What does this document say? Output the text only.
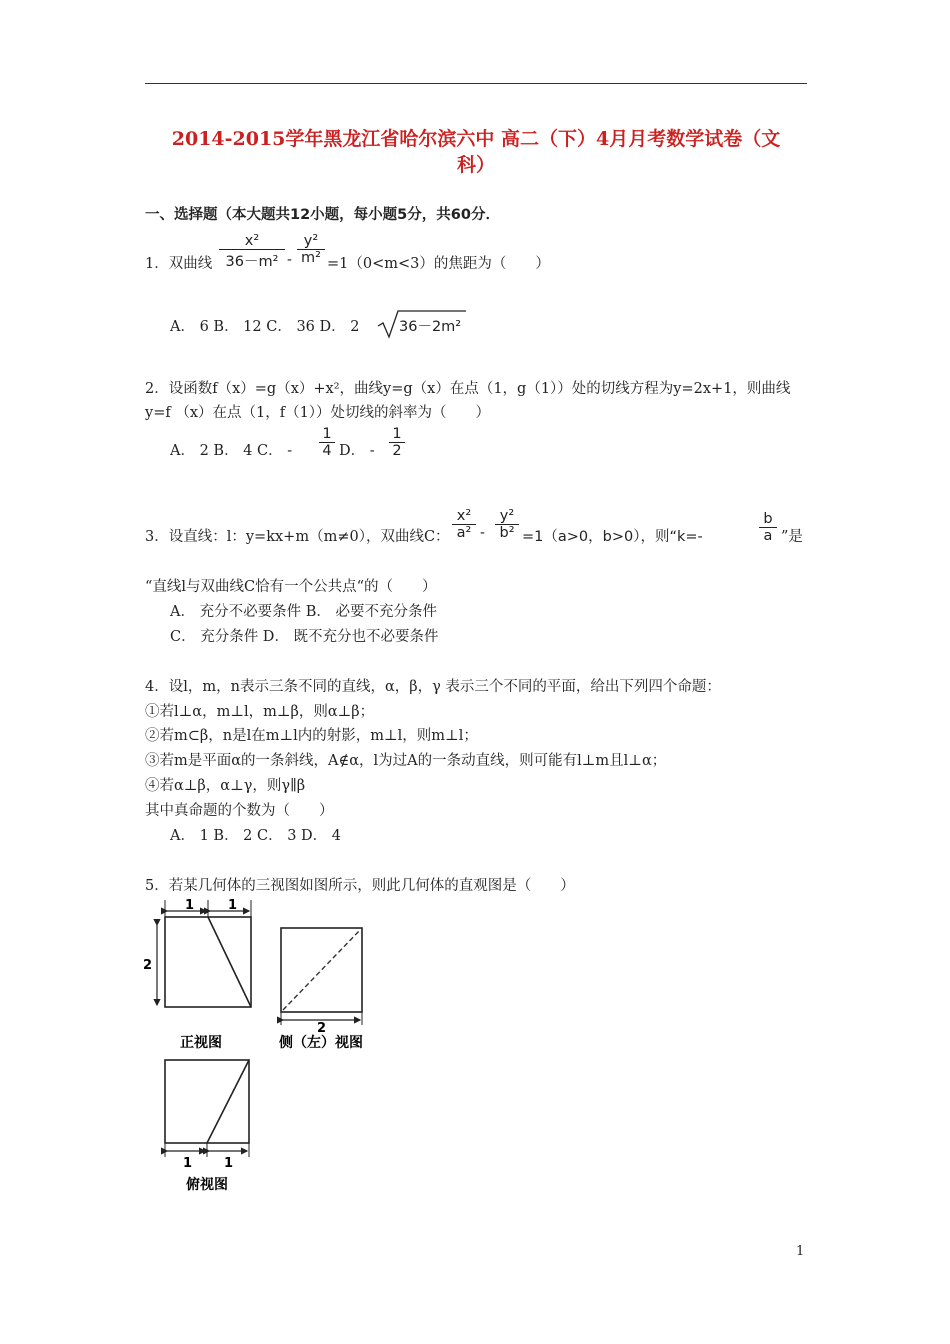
2014-2015学年黑龙江省哈尔滨六中 高二（下）4月月考数学试卷（文
科）
一、选择题（本大题共12小题，每小题5分，共60分．
1．双曲线 $\frac{\text{x²}}{\text{36－m²}} - \frac{\text{y²}}{\text{m²}} =1(0<m<3)$的焦距为（　　）
A． 6 B． 12 C． 36 D． 2	36－2m²
2．设函数f（x）=g（x）+x²，曲线y=g（x）在点（1，g（1））处的切线方程为y=2x+1，则曲线
y=f （x）在点（1，f（1））处切线的斜率为（　　）
A． 2 B． 4 C． - $\frac{1}{4}$ D． - $\frac{1}{2}$
3．设直线：l：y=kx+m（m≠0），双曲线C： $\frac{\text{x²}}{\text{a²}} - \frac{\text{y²}}{\text{b²}} =1(a>0$，b>0），则“k=-	$\frac{b}{a}$ ”是
“直线l与双曲线C恰有一个公共点“的（　　）
A． 充分不必要条件 B． 必要不充分条件
C． 充分条件 D． 既不充分也不必要条件
4．设l，m，n表示三条不同的直线，α，β，γ 表示三个不同的平面，给出下列四个命题：
①若l⊥α，m⊥l，m⊥β，则α⊥β；
②若m⊂β，n是l在m⊥l内的射影，m⊥l，则m⊥l；
③若m是平面α的一条斜线，A∉α，l为过A的一条动直线，则可能有l⊥m且l⊥α；
④若α⊥β，α⊥γ，则γ∥β
其中真命题的个数为（　　）
A． 1 B． 2 C． 3 D． 4
5．若某几何体的三视图如图所示，则此几何体的直观图是（　　）
1	1
2
正视图
2
侧（左）视图
1 1
俯视图
1
